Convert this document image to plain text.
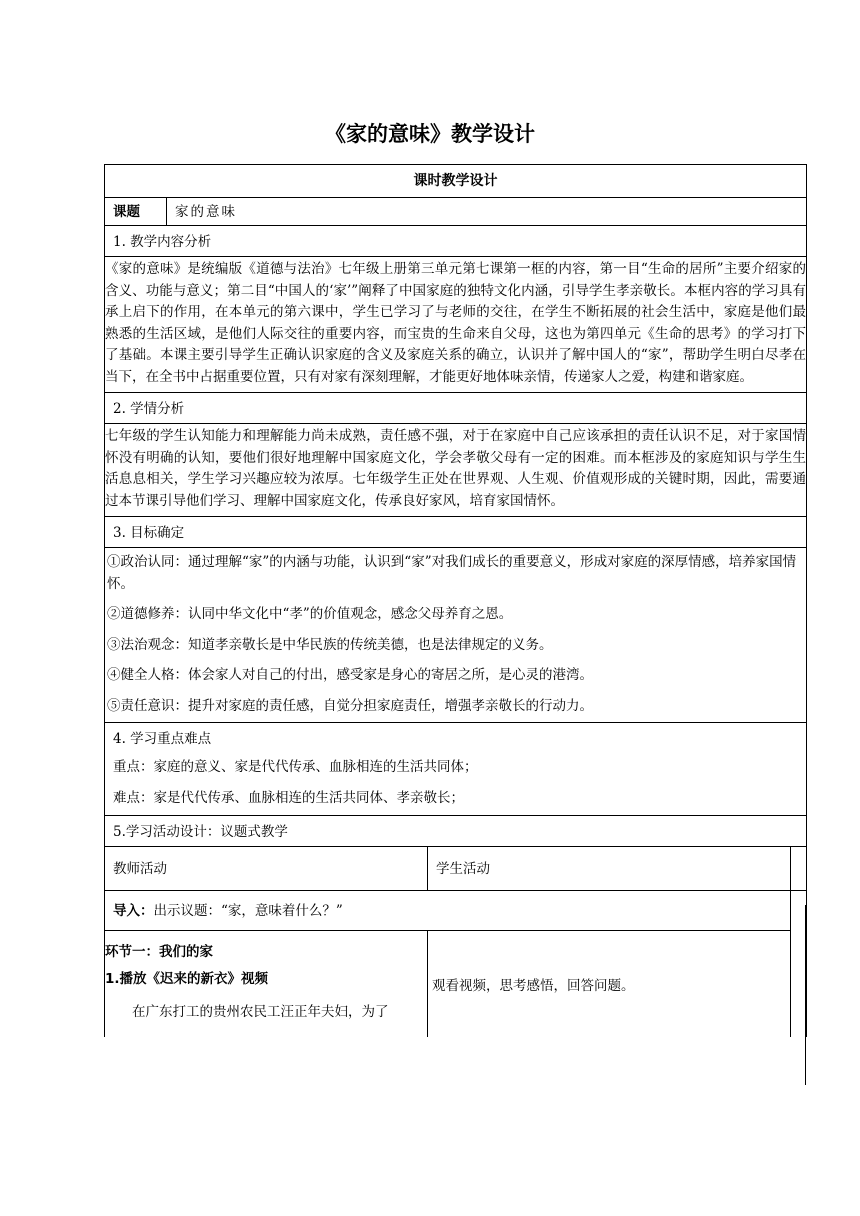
《家的意味》教学设计
课时教学设计
课题	家的意味
1. 教学内容分析
《家的意味》是统编版《道德与法治》七年级上册第三单元第七课第一框的内容，第一目“生命的居所”主要介绍家的含义、功能与意义；第二目“中国人的‘家’”阐释了中国家庭的独特文化内涵，引导学生孝亲敬长。本框内容的学习具有承上启下的作用，在本单元的第六课中，学生已学习了与老师的交往，在学生不断拓展的社会生活中，家庭是他们最熟悉的生活区域，是他们人际交往的重要内容，而宝贵的生命来自父母，这也为第四单元《生命的思考》的学习打下了基础。本课主要引导学生正确认识家庭的含义及家庭关系的确立，认识并了解中国人的“家”，帮助学生明白尽孝在当下，在全书中占据重要位置，只有对家有深刻理解，才能更好地体味亲情，传递家人之爱，构建和谐家庭。
2. 学情分析
七年级的学生认知能力和理解能力尚未成熟，责任感不强，对于在家庭中自己应该承担的责任认识不足，对于家国情怀没有明确的认知，要他们很好地理解中国家庭文化，学会孝敬父母有一定的困难。而本框涉及的家庭知识与学生生活息息相关，学生学习兴趣应较为浓厚。七年级学生正处在世界观、人生观、价值观形成的关键时期，因此，需要通过本节课引导他们学习、理解中国家庭文化，传承良好家风，培育家国情怀。
3. 目标确定
①政治认同：通过理解“家”的内涵与功能，认识到“家”对我们成长的重要意义，形成对家庭的深厚情感，培养家国情怀。
②道德修养：认同中华文化中“孝”的价值观念，感念父母养育之恩。
③法治观念：知道孝亲敬长是中华民族的传统美德，也是法律规定的义务。
④健全人格：体会家人对自己的付出，感受家是身心的寄居之所，是心灵的港湾。
⑤责任意识：提升对家庭的责任感，自觉分担家庭责任，增强孝亲敬长的行动力。
4. 学习重点难点
重点：家庭的意义、家是代代传承、血脉相连的生活共同体；
难点：家是代代传承、血脉相连的生活共同体、孝亲敬长；
5.学习活动设计：议题式教学
教师活动	学生活动
导入：出示议题：“家，意味着什么？”
环节一：我们的家
1.播放《迟来的新衣》视频
在广东打工的贵州农民工汪正年夫妇，为了
观看视频，思考感悟，回答问题。
